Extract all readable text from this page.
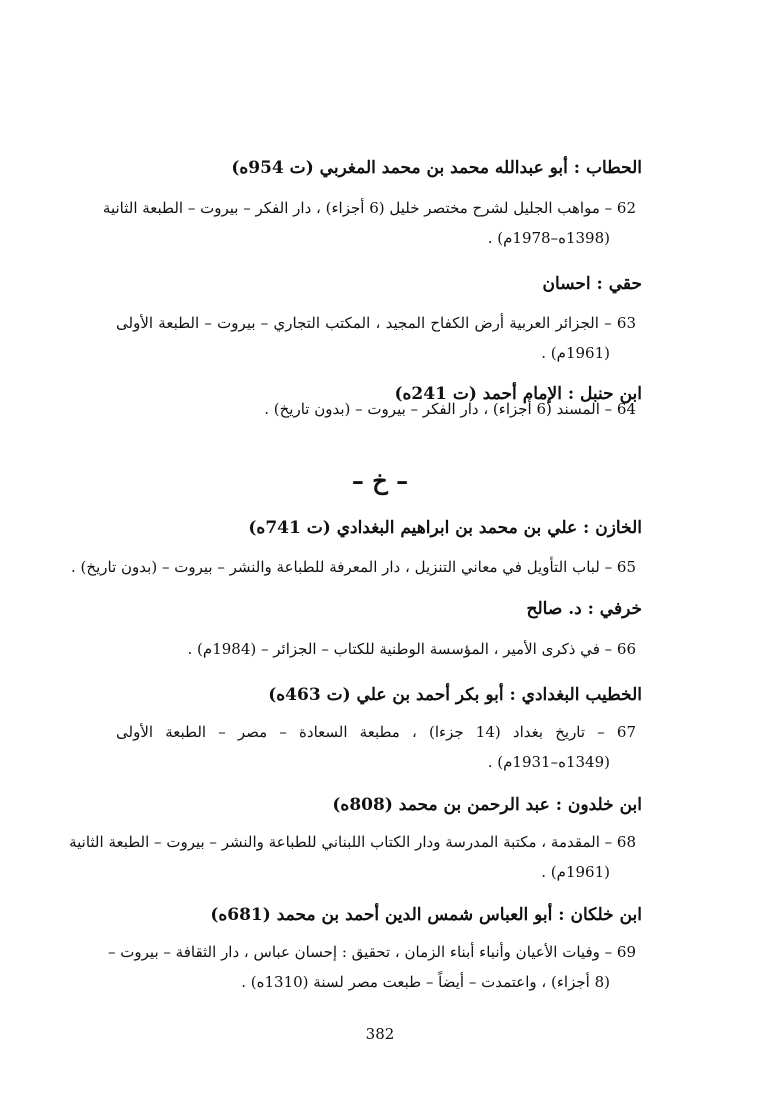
الحطاب : أبو عبدالله محمد بن محمد المغربي (ت 954ه)
62 – مواهب الجليل لشرح مختصر خليل (6 أجزاء) ، دار الفكر – بيروت – الطبعة الثانية
(1398ه–1978م) .
حقي : احسان
63 – الجزائر العربية أرض الكفاح المجيد ، المكتب التجاري – بيروت – الطبعة الأولى
(1961م) .
ابن حنبل : الإمام أحمد (ت 241ه)
64 – المسند (6 أجزاء) ، دار الفكر – بيروت – (بدون تاريخ) .
– خ –
الخازن : علي بن محمد بن ابراهيم البغدادي (ت 741ه)
65 – لباب التأويل في معاني التنزيل ، دار المعرفة للطباعة والنشر – بيروت – (بدون تاريخ) .
خرفي : د. صالح
66 – في ذكرى الأمير ، المؤسسة الوطنية للكتاب – الجزائر – (1984م) .
الخطيب البغدادي : أبو بكر أحمد بن علي (ت 463ه)
67 – تاريخ بغداد (14 جزءا) ، مطبعة السعادة – مصر – الطبعة الأولى
(1349ه–1931م) .
ابن خلدون : عبد الرحمن بن محمد (808ه)
68 – المقدمة ، مكتبة المدرسة ودار الكتاب اللبناني للطباعة والنشر – بيروت – الطبعة الثانية
(1961م) .
ابن خلكان : أبو العباس شمس الدين أحمد بن محمد (681ه)
69 – وفيات الأعيان وأنباء أبناء الزمان ، تحقيق : إحسان عباس ، دار الثقافة – بيروت –
(8 أجزاء) ، واعتمدت – أيضاً – طبعت مصر لسنة (1310ه) .
382
